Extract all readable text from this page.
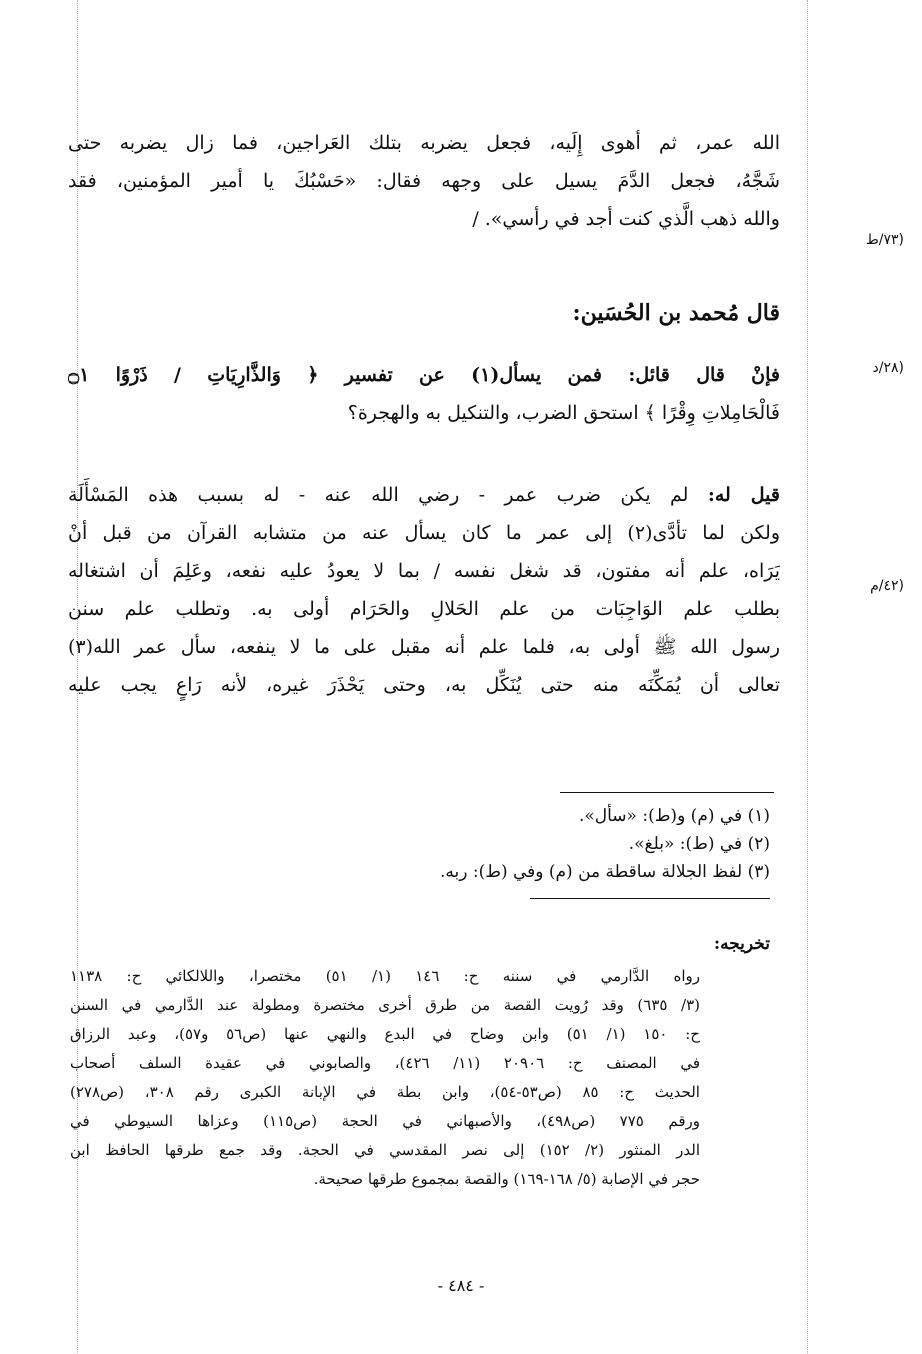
(٧٣/ط
(٢٨/د
(٤٢/م
الله عمر، ثم أهوى إِلَيه، فجعل يضربه بتلك العَراجين، فما زال يضربه حتى
شَجَّهُ، فجعل الدَّمَ يسيل على وجهه فقال: «حَسْبُكَ يا أمير المؤمنين، فقد
والله ذهب الَّذي كنت أجد في رأسي». /
قال مُحمد بن الحُسَين:
فإنْ قال قائل: فمن يسأل(١) عن تفسير ﴿ وَالذَّارِيَاتِ / ذَرْوًا ۝١
فَالْحَامِلاتِ وِقْرًا ﴾ استحق الضرب، والتنكيل به والهجرة؟
قيل له: لم يكن ضرب عمر - رضي الله عنه - له بسبب هذه المَسْأَلَة
ولكن لما تأدَّى(٢) إلى عمر ما كان يسأل عنه من متشابه القرآن من قبل أنْ
يَرَاه، علم أنه مفتون، قد شغل نفسه / بما لا يعودُ عليه نفعه، وعَلِمَ أن اشتغاله
بطلب علم الوَاجِبَات من علم الحَلالِ والحَرَام أولى به. وتطلب علم سنن
رسول الله ﷺ أولى به، فلما علم أنه مقبل على ما لا ينفعه، سأل عمر الله(٣)
تعالى أن يُمَكِّنَه منه حتى يُنَكِّل به، وحتى يَحْذَرَ غيره، لأنه رَاعٍ يجب عليه
(١) في (م) و(ط): «سأل».
(٢) في (ط): «بلغ».
(٣) لفظ الجلالة ساقطة من (م) وفي (ط): ربه.
تخريجه:
رواه الدَّارمي في سننه ح: ١٤٦ (١/ ٥١) مختصرا، واللالكائي ح: ١١٣٨
(٣/ ٦٣٥) وقد رُويت القصة من طرق أخرى مختصرة ومطولة عند الدَّارمي في السنن
ح: ١٥٠ (١/ ٥١) وابن وضاح في البدع والنهي عنها (ص٥٦ و٥٧)، وعبد الرزاق
في المصنف ح: ٢٠٩٠٦ (١١/ ٤٢٦)، والصابوني في عقيدة السلف أصحاب
الحديث ح: ٨٥ (ص٥٣-٥٤)، وابن بطة في الإبانة الكبرى رقم ٣٠٨، (ص٢٧٨)
ورقم ٧٧٥ (ص٤٩٨)، والأصبهاني في الحجة (ص١١٥) وعزاها السيوطي في
الدر المنثور (٢/ ١٥٢) إلى نصر المقدسي في الحجة. وقد جمع طرقها الحافظ ابن
حجر في الإصابة (٥/ ١٦٨-١٦٩) والقصة بمجموع طرقها صحيحة.
- ٤٨٤ -
